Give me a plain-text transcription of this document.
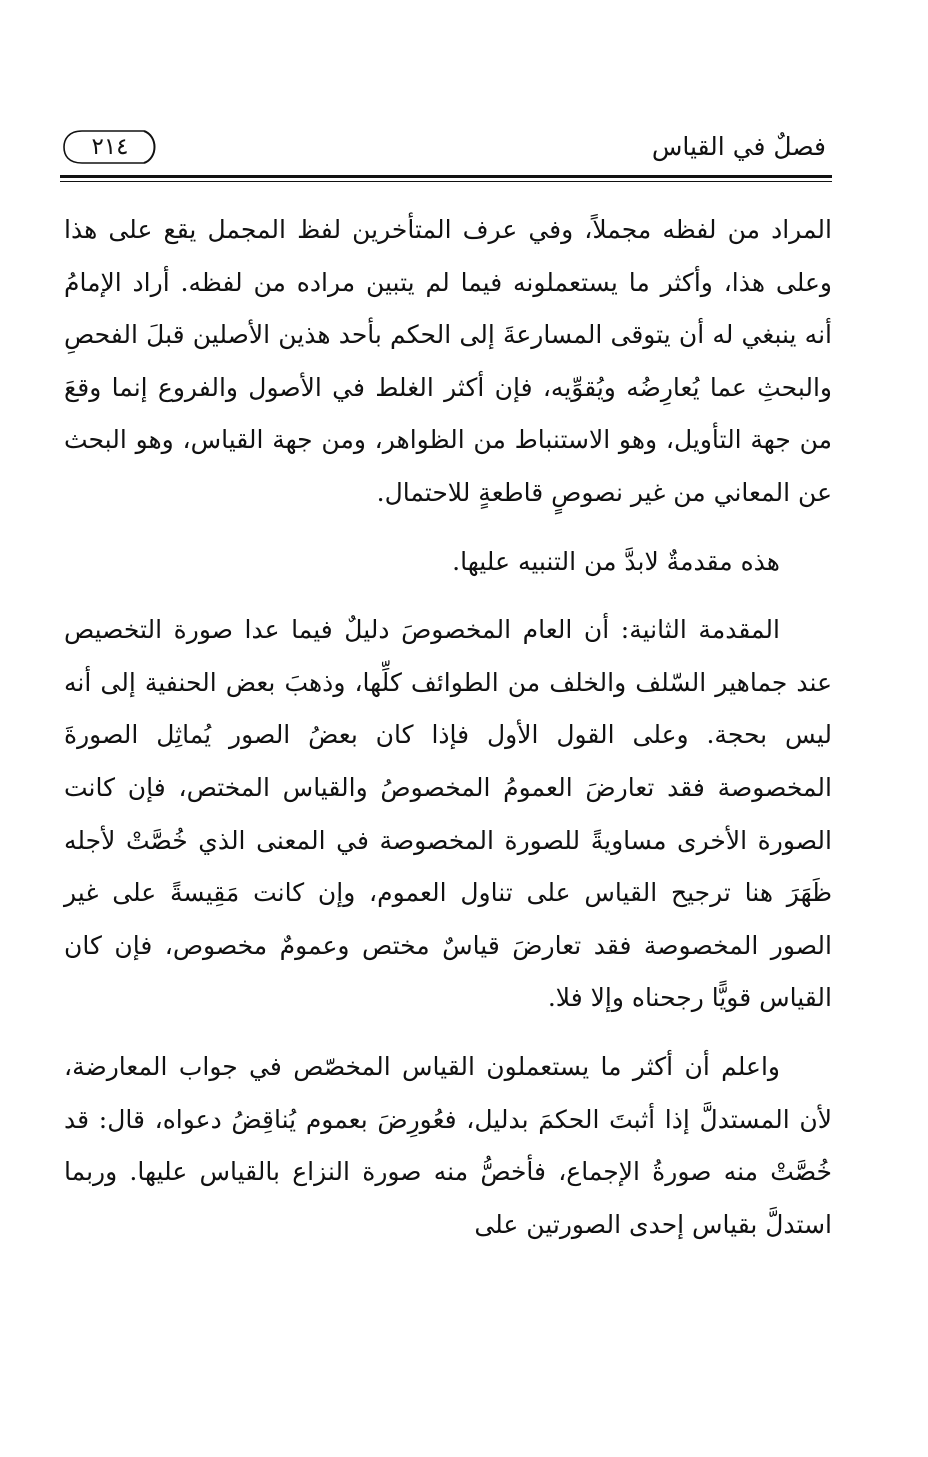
فصلٌ في القياس
٢١٤

المراد من لفظه مجملاً، وفي عرف المتأخرين لفظ المجمل يقع على هذا وعلى هذا، وأكثر ما يستعملونه فيما لم يتبين مراده من لفظه. أراد الإمامُ أنه ينبغي له أن يتوقى المسارعةَ إلى الحكم بأحد هذين الأصلين قبلَ الفحصِ والبحثِ عما يُعارِضُه ويُقوِّيه، فإن أكثر الغلط في الأصول والفروع إنما وقعَ من جهة التأويل، وهو الاستنباط من الظواهر، ومن جهة القياس، وهو البحث عن المعاني من غير نصوصٍ قاطعةٍ للاحتمال.

هذه مقدمةٌ لابدَّ من التنبيه عليها.

المقدمة الثانية: أن العام المخصوصَ دليلٌ فيما عدا صورة التخصيص عند جماهير السّلف والخلف من الطوائف كلِّها، وذهبَ بعض الحنفية إلى أنه ليس بحجة. وعلى القول الأول فإذا كان بعضُ الصور يُماثِل الصورةَ المخصوصة فقد تعارضَ العمومُ المخصوصُ والقياس المختص، فإن كانت الصورة الأخرى مساويةً للصورة المخصوصة في المعنى الذي خُصَّتْ لأجله ظَهَرَ هنا ترجيح القياس على تناول العموم، وإن كانت مَقِيسةً على غير الصور المخصوصة فقد تعارضَ قياسٌ مختص وعمومٌ مخصوص، فإن كان القياس قويًّا رجحناه وإلا فلا.

واعلم أن أكثر ما يستعملون القياس المخصّص في جواب المعارضة، لأن المستدلَّ إذا أثبتَ الحكمَ بدليل، فعُورِضَ بعموم يُناقِضُ دعواه، قال: قد خُصَّتْ منه صورةُ الإجماع، فأخصُّ منه صورة النزاع بالقياس عليها. وربما استدلَّ بقياس إحدى الصورتين على
